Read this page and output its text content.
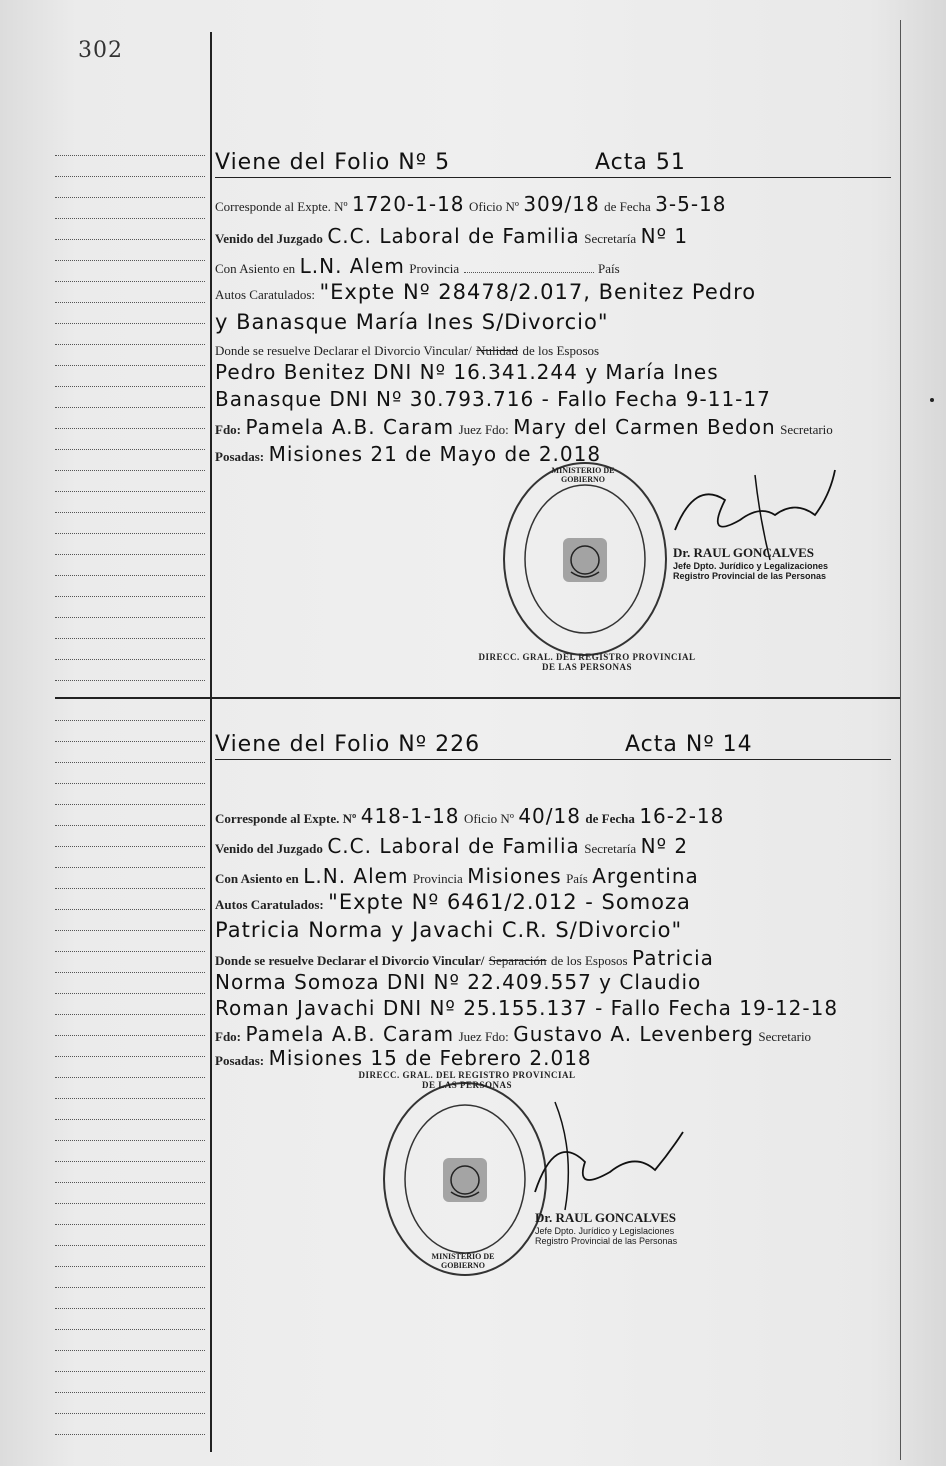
302
Viene del Folio Nº 5	Acta 51
Corresponde al Expte. Nº 1720-1-18 Oficio Nº 309/18 de Fecha 3-5-18
Venido del Juzgado C.C. Laboral de Familia Secretaría Nº 1
Con Asiento en L.N. Alem Provincia	País
Autos Caratulados: "Expte Nº 28478/2.017, Benitez Pedro
y Banasque María Ines S/Divorcio"
Donde se resuelve Declarar el Divorcio Vincular/ Nulidad de los Esposos
Pedro Benitez DNI Nº 16.341.244 y María Ines
Banasque DNI Nº 30.793.716 - Fallo Fecha 9-11-17
Fdo: Pamela A.B. Caram Juez Fdo: Mary del Carmen Bedon Secretario
Posadas: Misiones 21 de Mayo de 2.018
DIRECC. GRAL. DEL REGISTRO PROVINCIAL DE LAS PERSONAS
MINISTERIO DE GOBIERNO
Dr. RAUL GONCALVES
Jefe Dpto. Jurídico y Legalizaciones
Registro Provincial de las Personas
Viene del Folio Nº 226	Acta Nº 14
Corresponde al Expte. Nº 418-1-18 Oficio Nº 40/18 de Fecha 16-2-18
Venido del Juzgado C.C. Laboral de Familia Secretaría Nº 2
Con Asiento en L.N. Alem Provincia Misiones País Argentina
Autos Caratulados: "Expte Nº 6461/2.012 - Somoza
Patricia Norma y Javachi C.R. S/Divorcio"
Donde se resuelve Declarar el Divorcio Vincular/ Separación de los Esposos Patricia
Norma Somoza DNI Nº 22.409.557 y Claudio
Roman Javachi DNI Nº 25.155.137 - Fallo Fecha 19-12-18
Fdo: Pamela A.B. Caram Juez Fdo: Gustavo A. Levenberg Secretario
Posadas: Misiones 15 de Febrero 2.018
DIRECC. GRAL. DEL REGISTRO PROVINCIAL DE LAS PERSONAS
MINISTERIO DE GOBIERNO
Dr. RAUL GONCALVES
Jefe Dpto. Jurídico y Legislaciones
Registro Provincial de las Personas
